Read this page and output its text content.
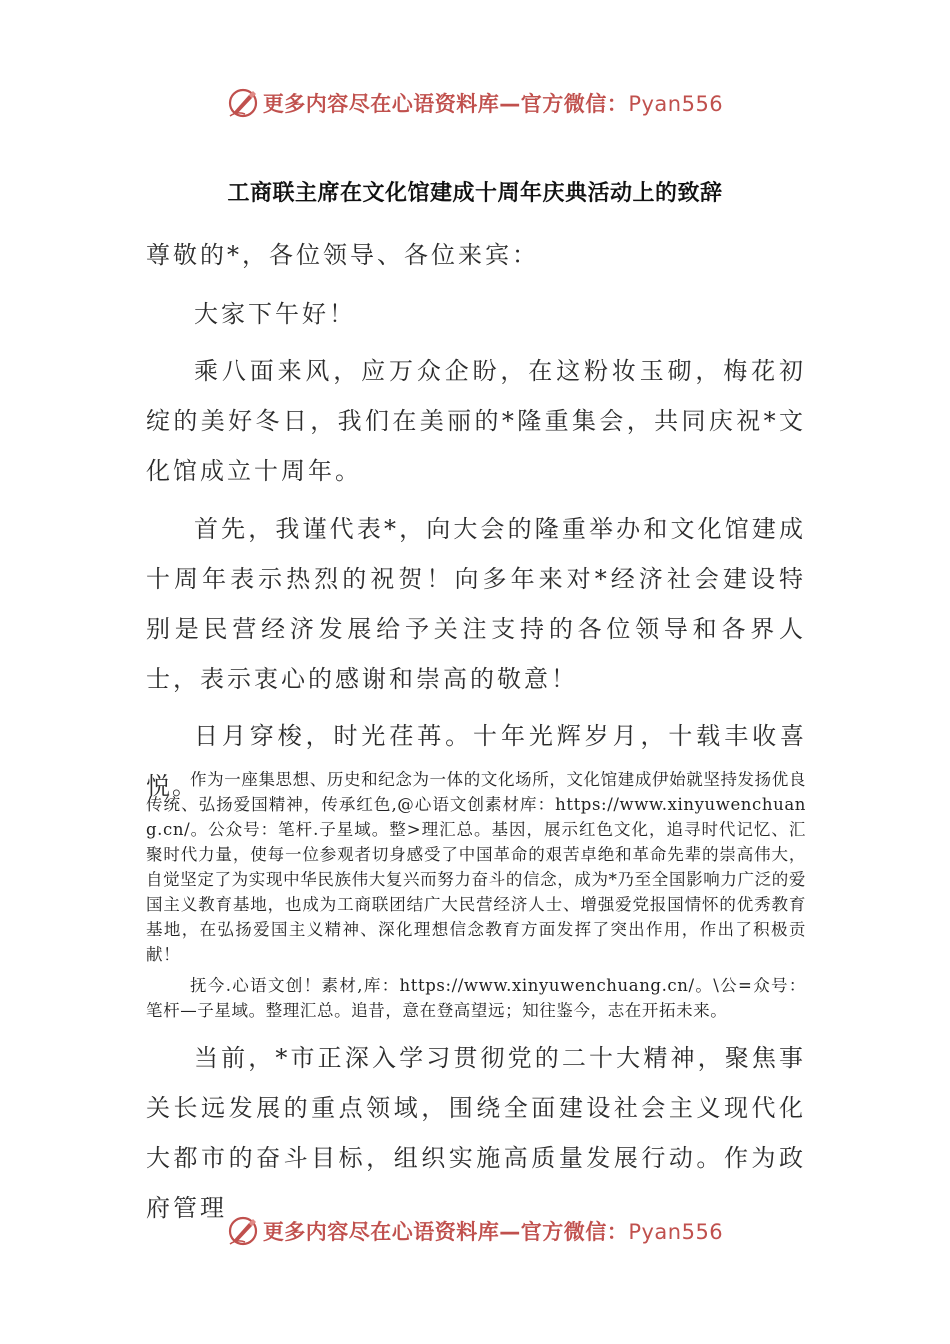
更多内容尽在心语资料库—官方微信：Pyan556
工商联主席在文化馆建成十周年庆典活动上的致辞

尊敬的*，各位领导、各位来宾：

大家下午好！

乘八面来风，应万众企盼，在这粉妆玉砌，梅花初绽的美好冬日，我们在美丽的*隆重集会，共同庆祝*文化馆成立十周年。

首先，我谨代表*，向大会的隆重举办和文化馆建成十周年表示热烈的祝贺！向多年来对*经济社会建设特别是民营经济发展给予关注支持的各位领导和各界人士，表示衷心的感谢和崇高的敬意！

日月穿梭，时光荏苒。十年光辉岁月，十载丰收喜悦。

作为一座集思想、历史和纪念为一体的文化场所，文化馆建成伊始就坚持发扬优良传统、弘扬爱国精神，传承红色,@心语文创素材库：https://www.xinyuwenchuang.cn/。公众号：笔杆.子星域。整>理汇总。基因，展示红色文化，追寻时代记忆、汇聚时代力量，使每一位参观者切身感受了中国革命的艰苦卓绝和革命先辈的崇高伟大，自觉坚定了为实现中华民族伟大复兴而努力奋斗的信念，成为*乃至全国影响力广泛的爱国主义教育基地，也成为工商联团结广大民营经济人士、增强爱党报国情怀的优秀教育基地，在弘扬爱国主义精神、深化理想信念教育方面发挥了突出作用，作出了积极贡献！

抚今.心语文创！素材,库：https://www.xinyuwenchuang.cn/。\公=众号：笔杆—子星域。整理汇总。追昔，意在登高望远；知往鉴今，志在开拓未来。

当前，*市正深入学习贯彻党的二十大精神，聚焦事关长远发展的重点领域，围绕全面建设社会主义现代化大都市的奋斗目标，组织实施高质量发展行动。作为政府管理

更多内容尽在心语资料库—官方微信：Pyan556
